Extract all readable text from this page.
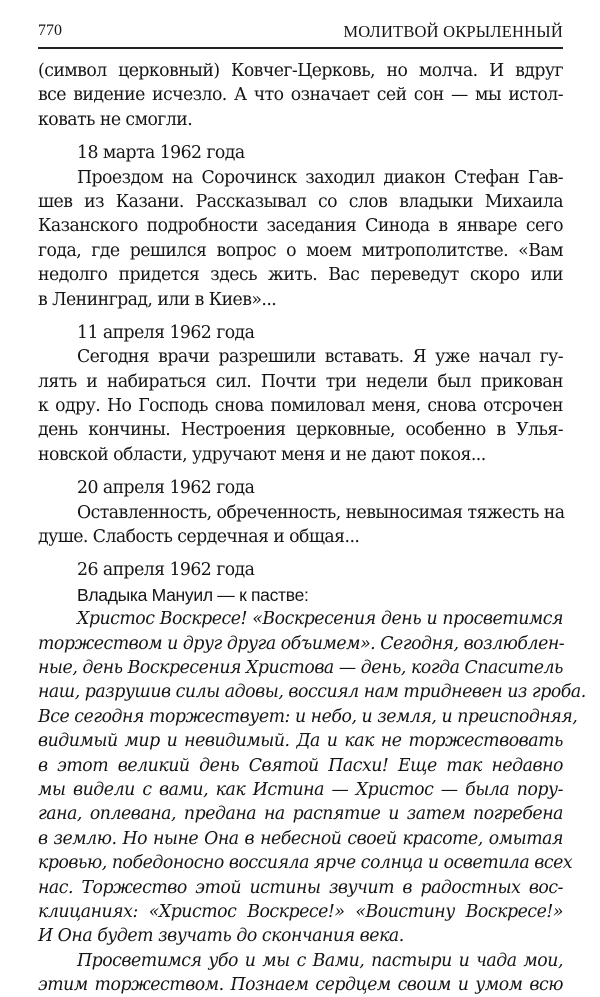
770	МОЛИТВОЙ ОКРЫЛЕННЫЙ
(символ церковный) Ковчег-Церковь, но молча. И вдруг
все видение исчезло. А что означает сей сон — мы истол-
ковать не смогли.
18 марта 1962 года
Проездом на Сорочинск заходил диакон Стефан Гав-
шев из Казани. Рассказывал со слов владыки Михаила
Казанского подробности заседания Синода в январе сего
года, где решился вопрос о моем митрополитстве. «Вам
недолго придется здесь жить. Вас переведут скоро или
в Ленинград, или в Киев»...
11 апреля 1962 года
Сегодня врачи разрешили вставать. Я уже начал гу-
лять и набираться сил. Почти три недели был прикован
к одру. Но Господь снова помиловал меня, снова отсрочен
день кончины. Нестроения церковные, особенно в Улья-
новской области, удручают меня и не дают покоя...
20 апреля 1962 года
Оставленность, обреченность, невыносимая тяжесть на
душе. Слабость сердечная и общая...
26 апреля 1962 года
Владыка Мануил — к пастве:
Христос Воскресе! «Воскресения день и просветимся
торжеством и друг друга объимем». Сегодня, возлюблен-
ные, день Воскресения Христова — день, когда Спаситель
наш, разрушив силы адовы, воссиял нам тридневен из гроба.
Все сегодня торжествует: и небо, и земля, и преисподняя,
видимый мир и невидимый. Да и как не торжествовать
в этот великий день Святой Пасхи! Еще так недавно
мы видели с вами, как Истина — Христос — была пору-
гана, оплевана, предана на распятие и затем погребена
в землю. Но ныне Она в небесной своей красоте, омытая
кровью, победоносно воссияла ярче солнца и осветила всех
нас. Торжество этой истины звучит в радостных вос-
клицаниях: «Христос Воскресе!» «Воистину Воскресе!»
И Она будет звучать до скончания века.
Просветимся убо и мы с Вами, пастыри и чада мои,
этим торжеством. Познаем сердцем своим и умом всю
